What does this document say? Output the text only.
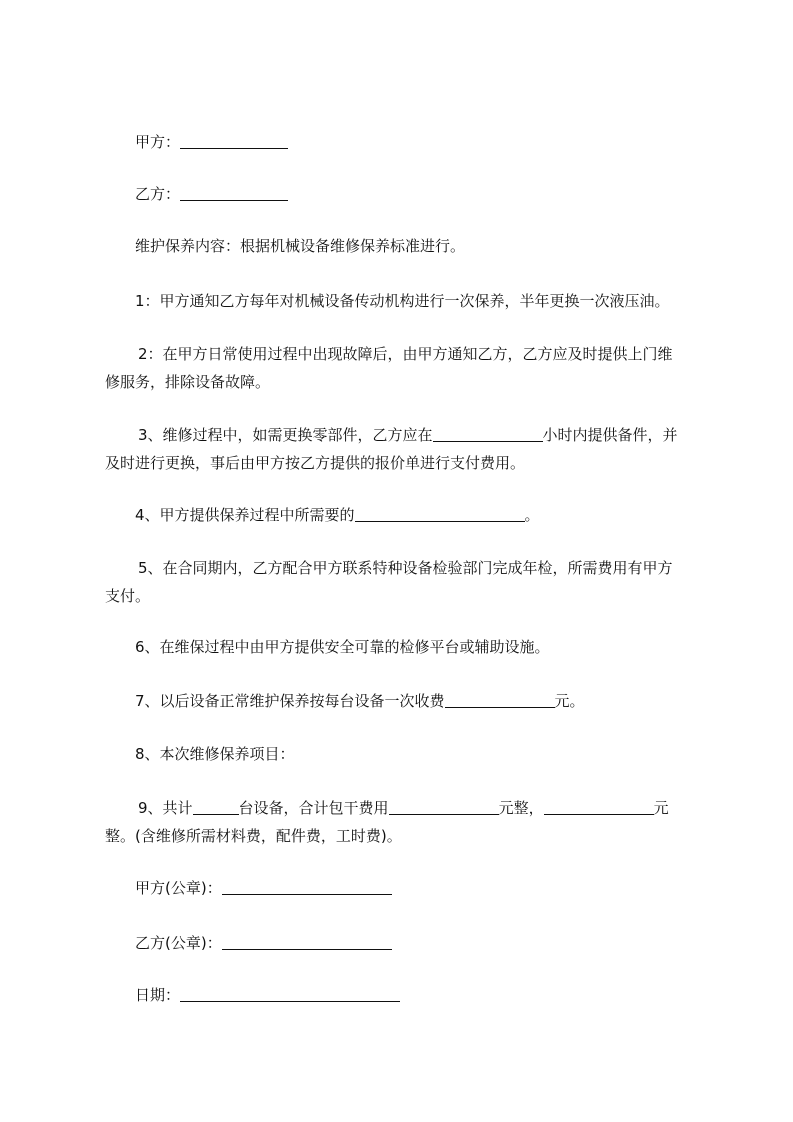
甲方：
乙方：
维护保养内容：根据机械设备维修保养标准进行。
1：甲方通知乙方每年对机械设备传动机构进行一次保养，半年更换一次液压油。
2：在甲方日常使用过程中出现故障后，由甲方通知乙方，乙方应及时提供上门维
修服务，排除设备故障。
3、维修过程中，如需更换零部件，乙方应在	小时内提供备件，并
及时进行更换，事后由甲方按乙方提供的报价单进行支付费用。
4、甲方提供保养过程中所需要的	。
5、在合同期内，乙方配合甲方联系特种设备检验部门完成年检，所需费用有甲方
支付。
6、在维保过程中由甲方提供安全可靠的检修平台或辅助设施。
7、以后设备正常维护保养按每台设备一次收费	元。
8、本次维修保养项目：
9、共计	台设备，合计包干费用	元整，	元
整。(含维修所需材料费，配件费，工时费)。
甲方(公章)：
乙方(公章)：
日期：
